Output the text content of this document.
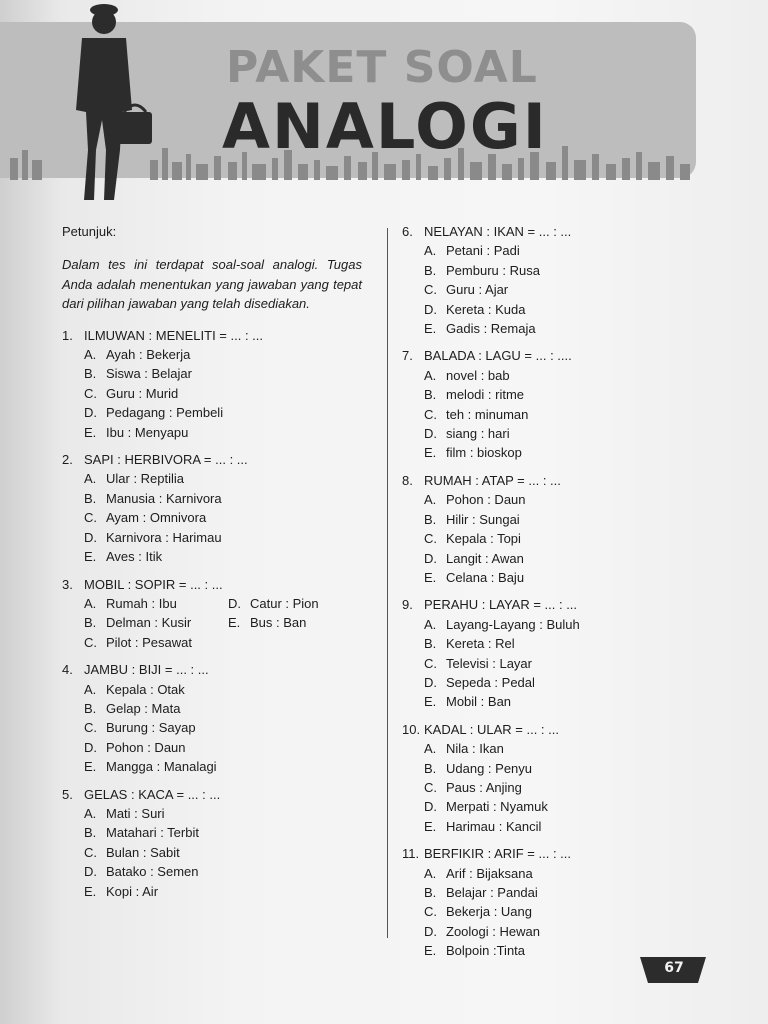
PAKET SOAL
ANALOGI
Petunjuk:
Dalam tes ini terdapat soal-soal analogi. Tugas Anda adalah menentukan yang jawaban yang tepat dari pilihan jawaban yang telah disediakan.
1. ILMUWAN : MENELITI = ... : ...
A. Ayah : Bekerja
B. Siswa : Belajar
C. Guru : Murid
D. Pedagang : Pembeli
E. Ibu : Menyapu
2. SAPI : HERBIVORA = ... : ...
A. Ular : Reptilia
B. Manusia : Karnivora
C. Ayam : Omnivora
D. Karnivora : Harimau
E. Aves : Itik
3. MOBIL : SOPIR = ... : ...
A. Rumah : Ibu	D. Catur : Pion
B. Delman : Kusir	E. Bus : Ban
C. Pilot : Pesawat
4. JAMBU : BIJI = ... : ...
A. Kepala : Otak
B. Gelap : Mata
C. Burung : Sayap
D. Pohon : Daun
E. Mangga : Manalagi
5. GELAS : KACA = ... : ...
A. Mati : Suri
B. Matahari : Terbit
C. Bulan : Sabit
D. Batako : Semen
E. Kopi : Air
6. NELAYAN : IKAN = ... : ...
A. Petani : Padi
B. Pemburu : Rusa
C. Guru : Ajar
D. Kereta : Kuda
E. Gadis : Remaja
7. BALADA : LAGU = ... : ....
A. novel : bab
B. melodi : ritme
C. teh : minuman
D. siang : hari
E. film : bioskop
8. RUMAH : ATAP = ... : ...
A. Pohon : Daun
B. Hilir : Sungai
C. Kepala : Topi
D. Langit : Awan
E. Celana : Baju
9. PERAHU : LAYAR = ... : ...
A. Layang-Layang : Buluh
B. Kereta : Rel
C. Televisi : Layar
D. Sepeda : Pedal
E. Mobil : Ban
10. KADAL : ULAR = ... : ...
A. Nila : Ikan
B. Udang : Penyu
C. Paus : Anjing
D. Merpati : Nyamuk
E. Harimau : Kancil
11. BERFIKIR : ARIF = ... : ...
A. Arif : Bijaksana
B. Belajar : Pandai
C. Bekerja : Uang
D. Zoologi : Hewan
E. Bolpoin :Tinta
67
